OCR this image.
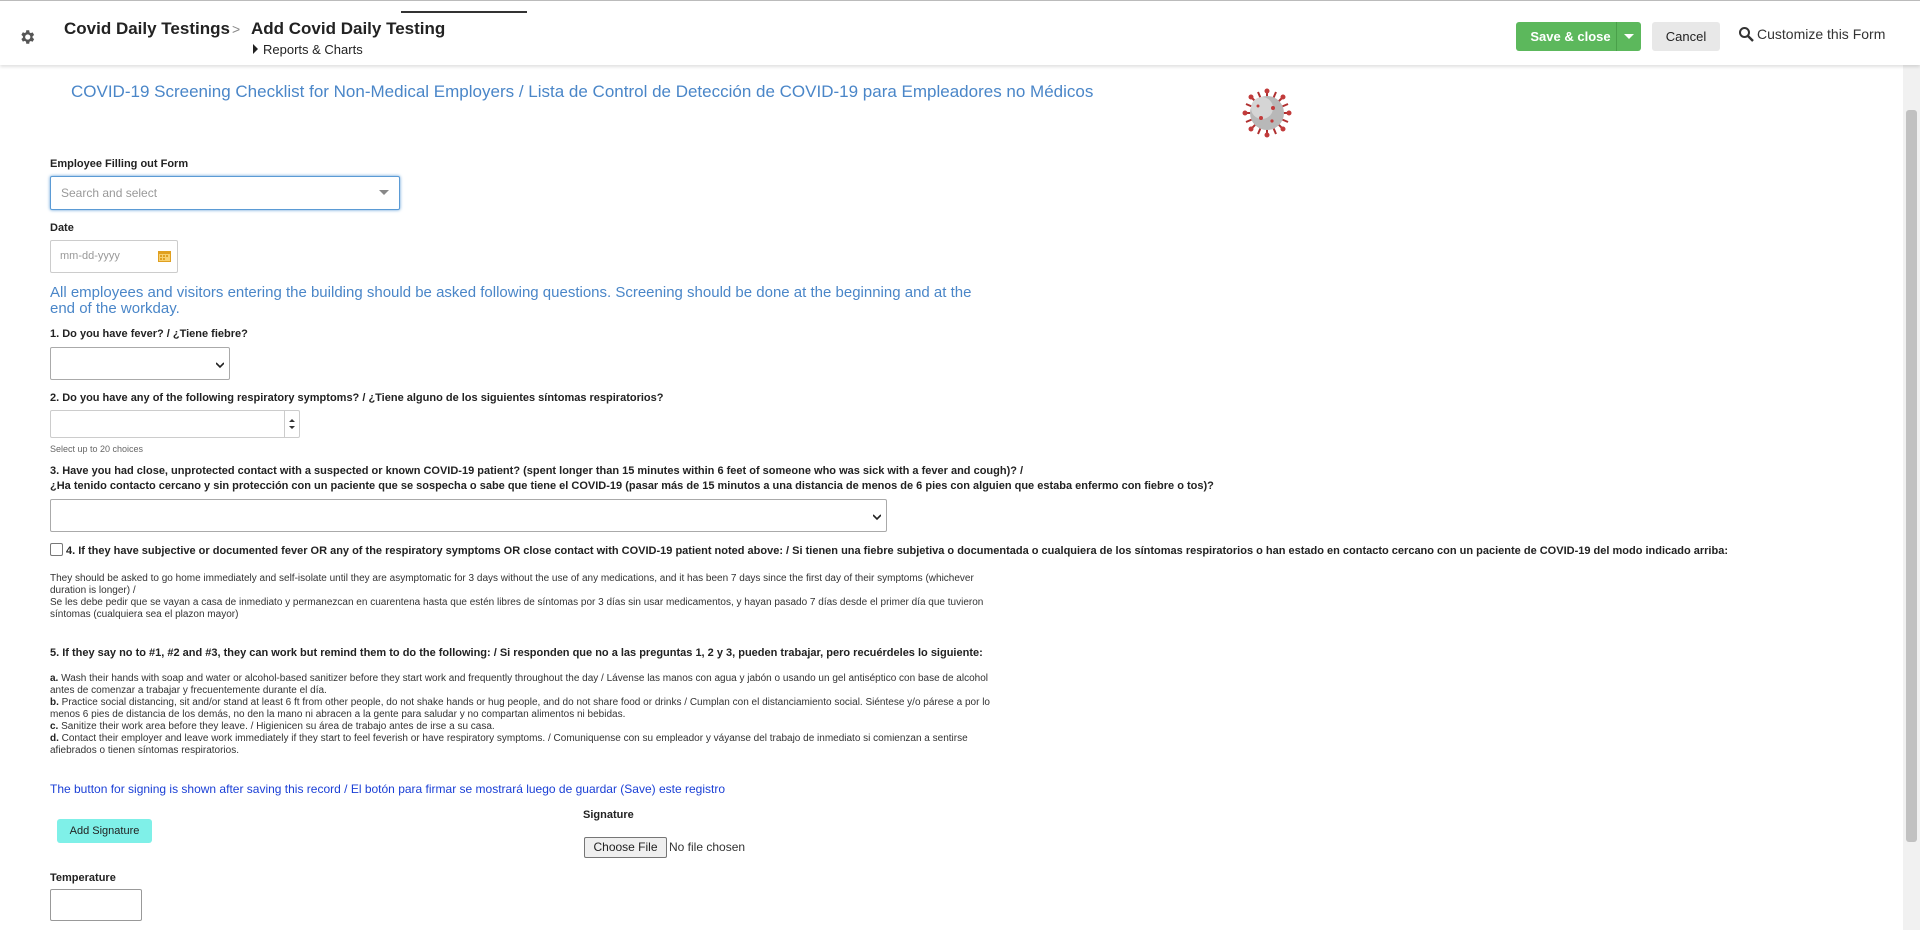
Covid Daily Testings > Add Covid Daily Testing
Reports & Charts
Save & close	Cancel	Customize this Form
COVID-19 Screening Checklist for Non-Medical Employers / Lista de Control de Detección de COVID-19 para Empleadores no Médicos
Employee Filling out Form
Search and select
Date
mm-dd-yyyy
All employees and visitors entering the building should be asked following questions. Screening should be done at the beginning and at the end of the workday.
1. Do you have fever? / ¿Tiene fiebre?
2. Do you have any of the following respiratory symptoms? / ¿Tiene alguno de los siguientes síntomas respiratorios?
Select up to 20 choices
3. Have you had close, unprotected contact with a suspected or known COVID-19 patient? (spent longer than 15 minutes within 6 feet of someone who was sick with a fever and cough)? /
¿Ha tenido contacto cercano y sin protección con un paciente que se sospecha o sabe que tiene el COVID-19 (pasar más de 15 minutos a una distancia de menos de 6 pies con alguien que estaba enfermo con fiebre o tos)?
4. If they have subjective or documented fever OR any of the respiratory symptoms OR close contact with COVID-19 patient noted above: / Si tienen una fiebre subjetiva o documentada o cualquiera de los síntomas respiratorios o han estado en contacto cercano con un paciente de COVID-19 del modo indicado arriba:
They should be asked to go home immediately and self-isolate until they are asymptomatic for 3 days without the use of any medications, and it has been 7 days since the first day of their symptoms (whichever duration is longer) /
Se les debe pedir que se vayan a casa de inmediato y permanezcan en cuarentena hasta que estén libres de síntomas por 3 días sin usar medicamentos, y hayan pasado 7 días desde el primer día que tuvieron síntomas (cualquiera sea el plazon mayor)
5. If they say no to #1, #2 and #3, they can work but remind them to do the following: / Si responden que no a las preguntas 1, 2 y 3, pueden trabajar, pero recuérdeles lo siguiente:
a. Wash their hands with soap and water or alcohol-based sanitizer before they start work and frequently throughout the day / Lávense las manos con agua y jabón o usando un gel antiséptico con base de alcohol antes de comenzar a trabajar y frecuentemente durante el día.
b. Practice social distancing, sit and/or stand at least 6 ft from other people, do not shake hands or hug people, and do not share food or drinks / Cumplan con el distanciamiento social. Siéntese y/o párese a por lo menos 6 pies de distancia de los demás, no den la mano ni abracen a la gente para saludar y no compartan alimentos ni bebidas.
c. Sanitize their work area before they leave. / Higienicen su área de trabajo antes de irse a su casa.
d. Contact their employer and leave work immediately if they start to feel feverish or have respiratory symptoms. / Comuniquense con su empleador y váyanse del trabajo de inmediato si comienzan a sentirse afiebrados o tienen síntomas respiratorios.
The button for signing is shown after saving this record / El botón para firmar se mostrará luego de guardar (Save) este registro
Add Signature
Signature
Choose File No file chosen
Temperature
